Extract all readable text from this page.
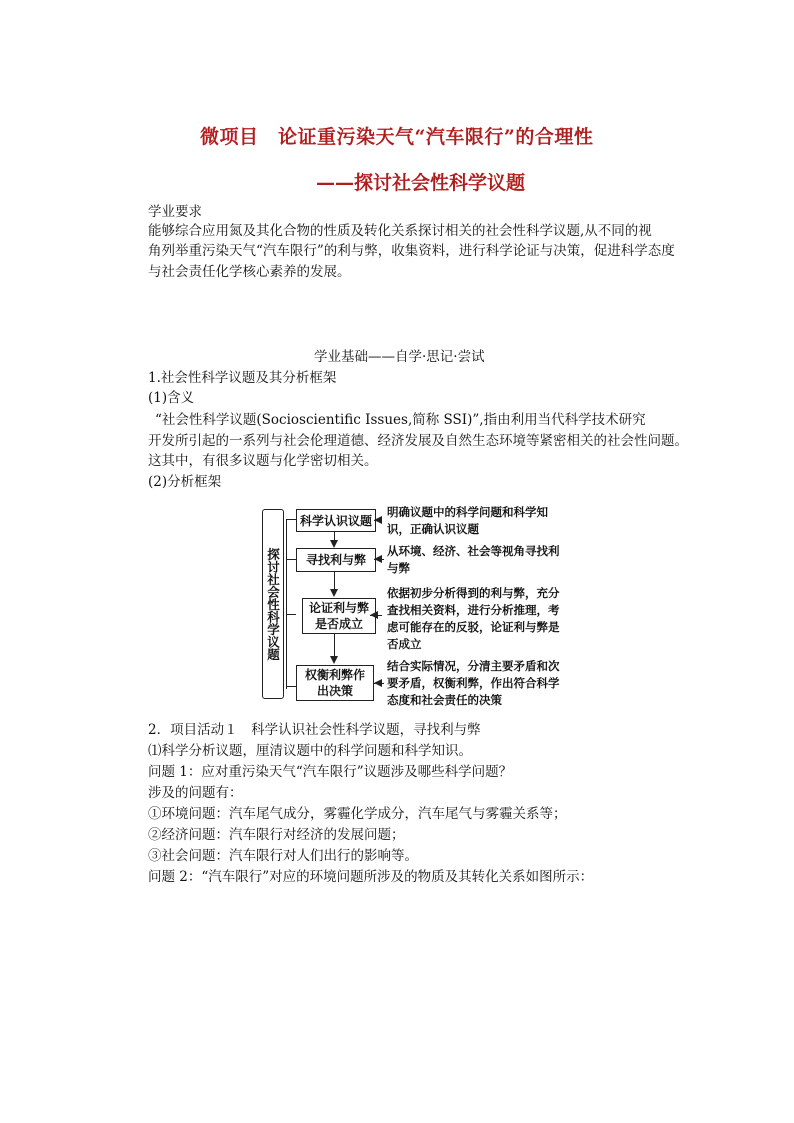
微项目　论证重污染天气“汽车限行”的合理性
——探讨社会性科学议题
学业要求
能够综合应用氮及其化合物的性质及转化关系探讨相关的社会性科学议题,从不同的视
角列举重污染天气“汽车限行”的利与弊，收集资料，进行科学论证与决策，促进科学态度
与社会责任化学核心素养的发展。
学业基础——自学·思记·尝试
1.社会性科学议题及其分析框架
(1)含义
“社会性科学议题(Socioscientific Issues,简称 SSI)”,指由利用当代科学技术研究
开发所引起的一系列与社会伦理道德、经济发展及自然生态环境等紧密相关的社会性问题。
这其中，有很多议题与化学密切相关。
(2)分析框架
探讨社会性科学议题
科学认识议题
寻找利与弊
论证利与弊是否成立
权衡利弊作出决策
明确议题中的科学问题和科学知识，正确认识议题
从环境、经济、社会等视角寻找利与弊
依据初步分析得到的利与弊，充分查找相关资料，进行分析推理，考虑可能存在的反驳，论证利与弊是否成立
结合实际情况，分清主要矛盾和次要矛盾，权衡利弊，作出符合科学态度和社会责任的决策
2．项目活动１　科学认识社会性科学议题，寻找利与弊
⑴科学分析议题，厘清议题中的科学问题和科学知识。
问题 1：应对重污染天气“汽车限行”议题涉及哪些科学问题？
涉及的问题有：
①环境问题：汽车尾气成分，雾霾化学成分，汽车尾气与雾霾关系等；
②经济问题：汽车限行对经济的发展问题；
③社会问题：汽车限行对人们出行的影响等。
问题 2：“汽车限行”对应的环境问题所涉及的物质及其转化关系如图所示：
